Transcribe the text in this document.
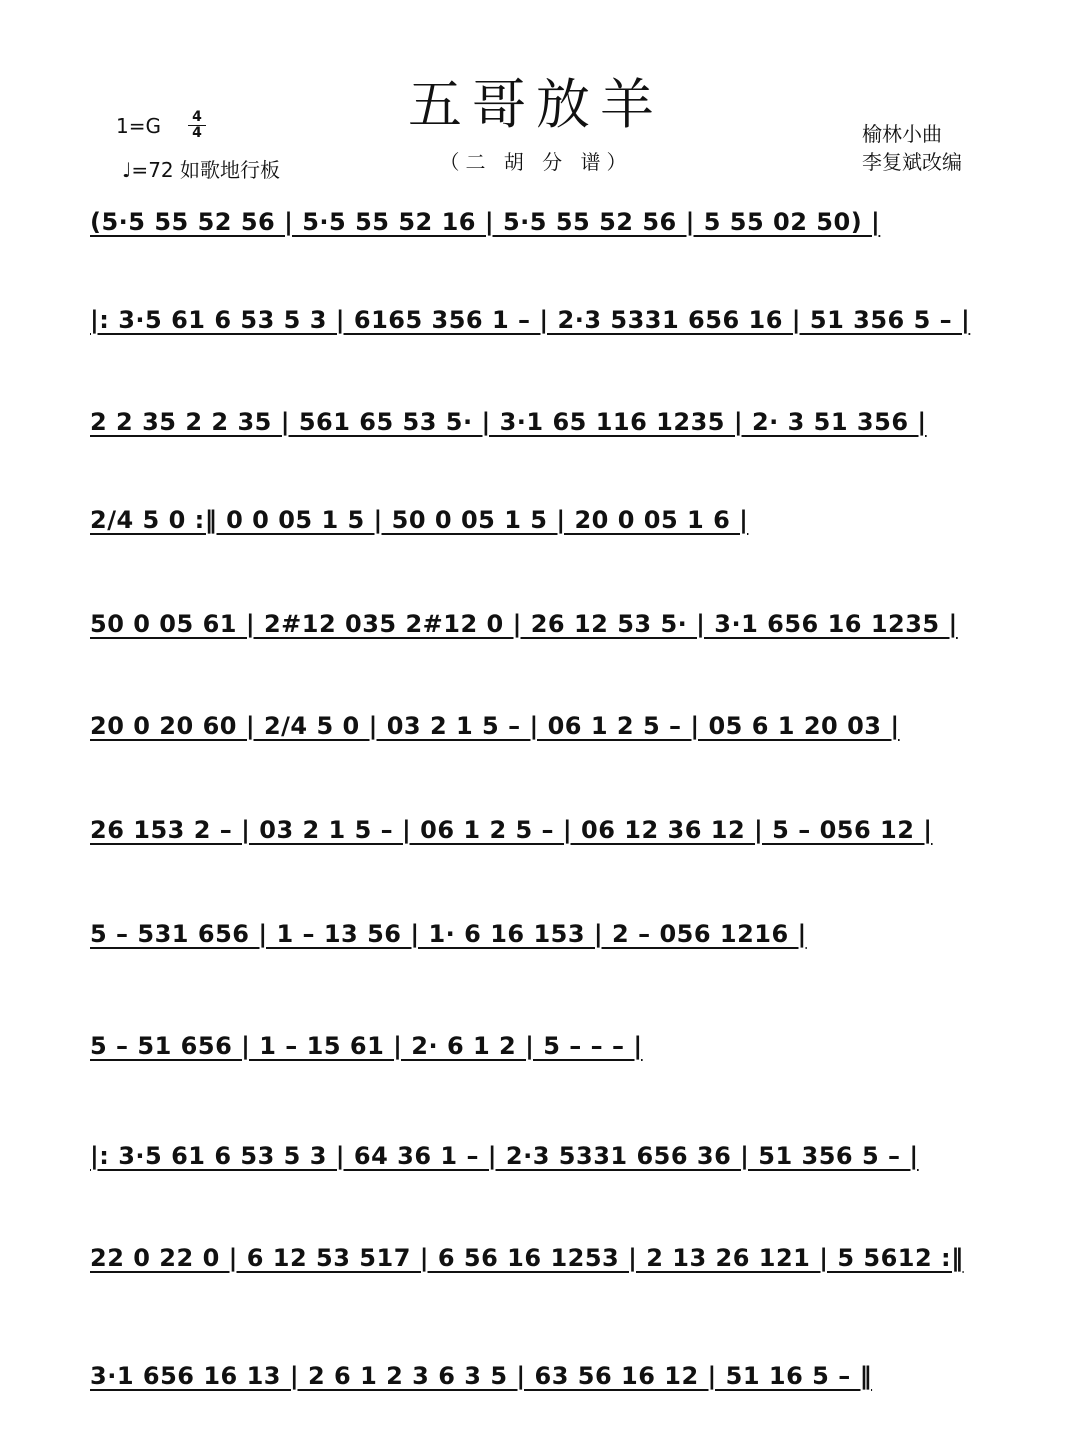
五哥放羊
（二 胡 分 谱）
1=G 4
4
♩=72 如歌地行板
榆林小曲
李复斌改编
(5·5 55 52 56 | 5·5 55 52 16 | 5·5 55 52 56 | 5 55 02 50) |
|: 3·5 61 6 53 5 3 | 6165 356 1 – | 2·3 5331 656 16 | 51 356 5 – |
2 2 35 2 2 35 | 561 65 53 5· | 3·1 65 116 1235 | 2· 3 51 356 |
2/4 5 0 :‖ 0 0 05 1 5 | 50 0 05 1 5 | 20 0 05 1 6 |
50 0 05 61 | 2#12 035 2#12 0 | 26 12 53 5· | 3·1 656 16 1235 |
20 0 20 60 | 2/4 5 0 | 03 2 1 5 – | 06 1 2 5 – | 05 6 1 20 03 |
26 153 2 – | 03 2 1 5 – | 06 1 2 5 – | 06 12 36 12 | 5 – 056 12 |
5 – 531 656 | 1 – 13 56 | 1· 6 16 153 | 2 – 056 1216 |
5 – 51 656 | 1 – 15 61 | 2· 6 1 2 | 5 – – – |
|: 3·5 61 6 53 5 3 | 64 36 1 – | 2·3 5331 656 36 | 51 356 5 – |
22 0 22 0 | 6 12 53 517 | 6 56 16 1253 | 2 13 26 121 | 5 5612 :‖
3·1 656 16 13 | 2 6 1 2 3 6 3 5 | 63 56 16 12 | 51 16 5 – ‖
